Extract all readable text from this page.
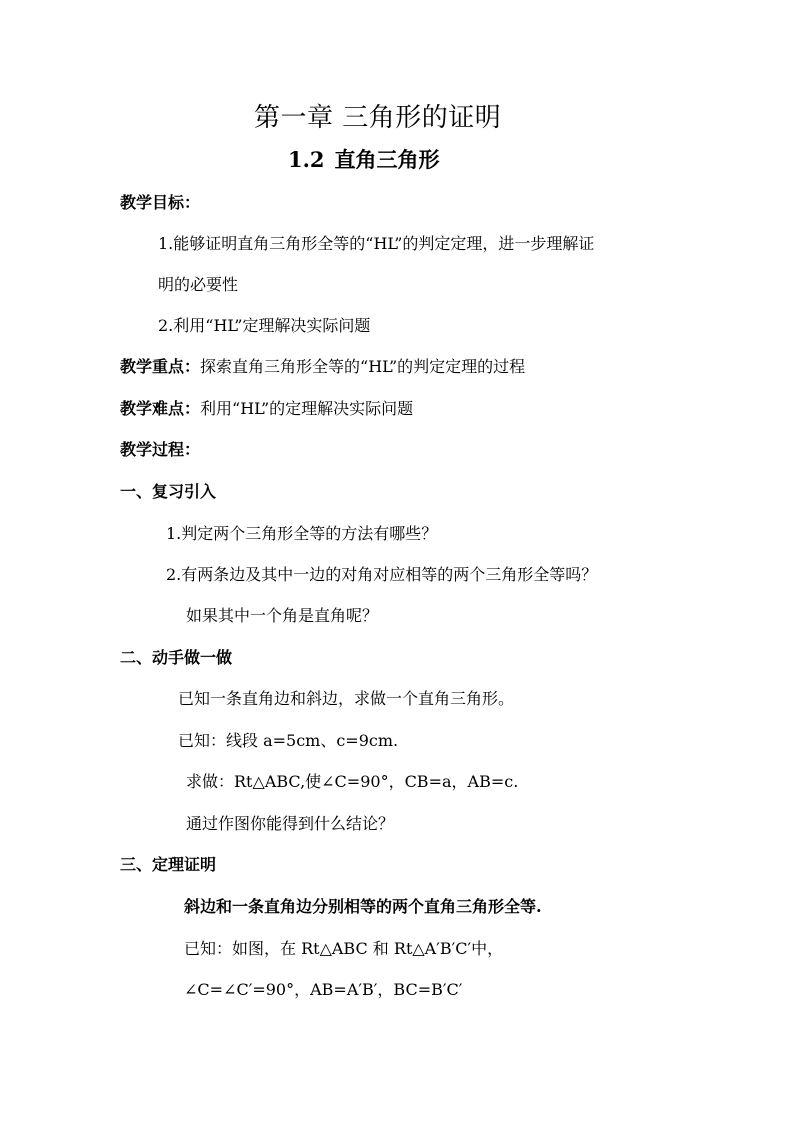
第一章 三角形的证明
1.2 直角三角形
教学目标：
1.能够证明直角三角形全等的“HL”的判定定理，进一步理解证
明的必要性
2.利用“HL”定理解决实际问题
教学重点：探索直角三角形全等的“HL”的判定定理的过程
教学难点：利用“HL”的定理解决实际问题
教学过程：
一、复习引入
1.判定两个三角形全等的方法有哪些？
2.有两条边及其中一边的对角对应相等的两个三角形全等吗？
如果其中一个角是直角呢？
二、动手做一做
已知一条直角边和斜边，求做一个直角三角形。
已知：线段 a=5cm、c=9cm.
求做：Rt△ABC,使∠C=90°，CB=a，AB=c.
通过作图你能得到什么结论？
三、定理证明
斜边和一条直角边分别相等的两个直角三角形全等.
已知：如图，在 Rt△ABC 和 Rt△A′B′C′中，
∠C=∠C′=90°，AB=A′B′，BC=B′C′
